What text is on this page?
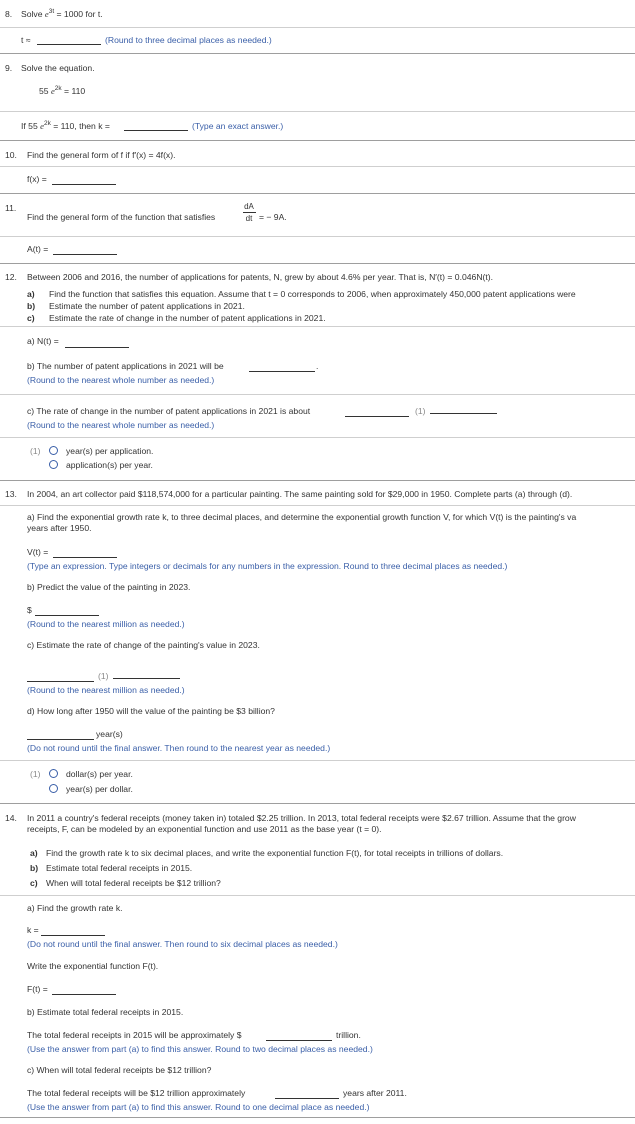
8. Solve $e^{3t} = 1000$ for t.
t ≈	(Round to three decimal places as needed.)
9. Solve the equation.
55 $e^{2k} = 110$
If 55 $e^{2k} = 110$, then k =	(Type an exact answer.)
10. Find the general form of f if f′(x) = 4f(x).
f(x) =
11.
Find the general form of the function that satisfies
dA
dt = − 9A.
A(t) =
12. Between 2006 and 2016, the number of applications for patents, N, grew by about 4.6% per year. That is, N′(t) = 0.046N(t).
a) Find the function that satisfies this equation. Assume that t = 0 corresponds to 2006, when approximately 450,000 patent applications were
b) Estimate the number of patent applications in 2021.
c) Estimate the rate of change in the number of patent applications in 2021.
a) N(t) =
b) The number of patent applications in 2021 will be	.
(Round to the nearest whole number as needed.)
c) The rate of change in the number of patent applications in 2021 is about	(1)
(Round to the nearest whole number as needed.)
(1)	year(s) per application.
application(s) per year.
13. In 2004, an art collector paid $118,574,000 for a particular painting. The same painting sold for $29,000 in 1950. Complete parts (a) through (d).
a) Find the exponential growth rate k, to three decimal places, and determine the exponential growth function V, for which V(t) is the painting's va
years after 1950.
V(t) =
(Type an expression. Type integers or decimals for any numbers in the expression. Round to three decimal places as needed.)
b) Predict the value of the painting in 2023.
$
(Round to the nearest million as needed.)
c) Estimate the rate of change of the painting's value in 2023.
(1)
(Round to the nearest million as needed.)
d) How long after 1950 will the value of the painting be $3 billion?
year(s)
(Do not round until the final answer. Then round to the nearest year as needed.)
(1)	dollar(s) per year.
year(s) per dollar.
14. In 2011 a country's federal receipts (money taken in) totaled $2.25 trillion. In 2013, total federal receipts were $2.67 trillion. Assume that the grow
receipts, F, can be modeled by an exponential function and use 2011 as the base year (t = 0).
a) Find the growth rate k to six decimal places, and write the exponential function F(t), for total receipts in trillions of dollars.
b) Estimate total federal receipts in 2015.
c) When will total federal receipts be $12 trillion?
a) Find the growth rate k.
k =
(Do not round until the final answer. Then round to six decimal places as needed.)
Write the exponential function F(t).
F(t) =
b) Estimate total federal receipts in 2015.
The total federal receipts in 2015 will be approximately $	trillion.
(Use the answer from part (a) to find this answer. Round to two decimal places as needed.)
c) When will total federal receipts be $12 trillion?
The total federal receipts will be $12 trillion approximately	years after 2011.
(Use the answer from part (a) to find this answer. Round to one decimal place as needed.)
